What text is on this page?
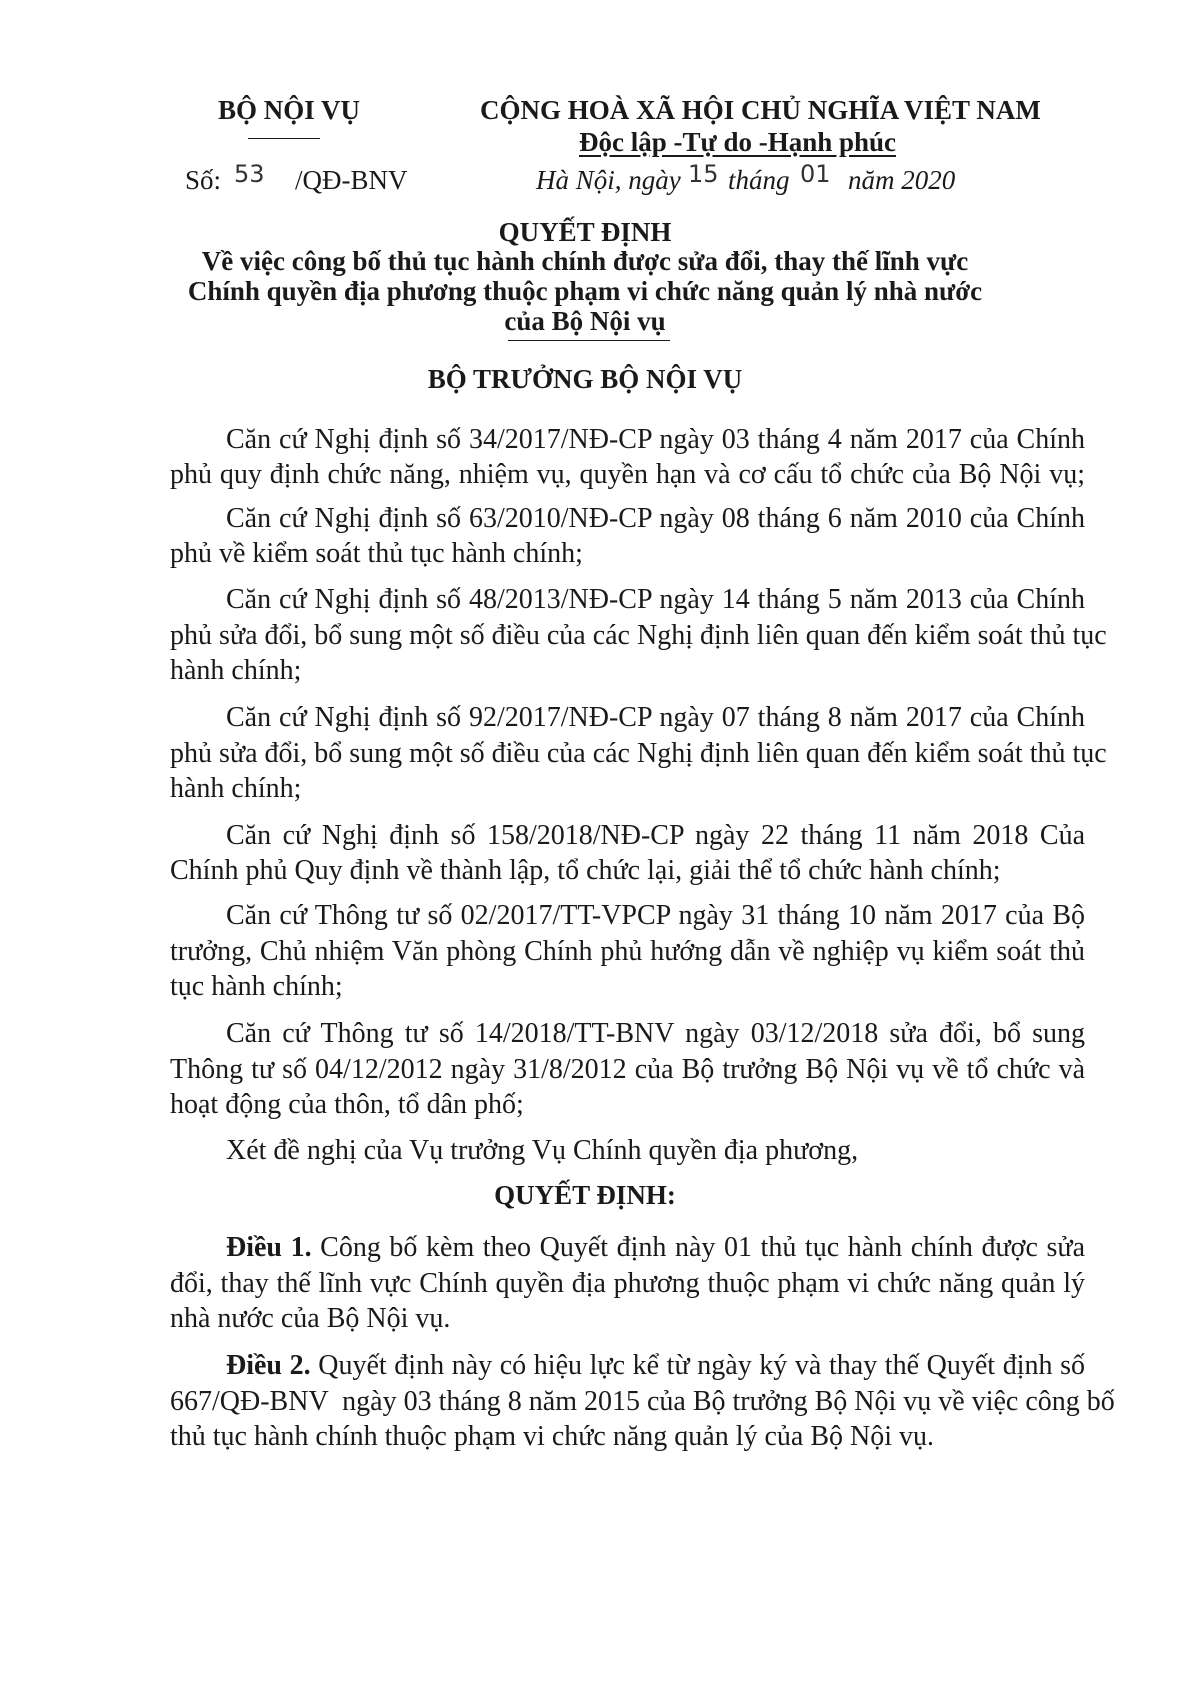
BỘ NỘI VỤ	CỘNG HOÀ XÃ HỘI CHỦ NGHĨA VIỆT NAM
Độc lập -Tự do -Hạnh phúc
Số: 53 /QĐ-BNV	Hà Nội, ngày 15 tháng 01 năm 2020
QUYẾT ĐỊNH
Về việc công bố thủ tục hành chính được sửa đổi, thay thế lĩnh vực
Chính quyền địa phương thuộc phạm vi chức năng quản lý nhà nước
của Bộ Nội vụ
BỘ TRƯỞNG BỘ NỘI VỤ
Căn cứ Nghị định số 34/2017/NĐ-CP ngày 03 tháng 4 năm 2017 của Chính
phủ quy định chức năng, nhiệm vụ, quyền hạn và cơ cấu tổ chức của Bộ Nội vụ;
Căn cứ Nghị định số 63/2010/NĐ-CP ngày 08 tháng 6 năm 2010 của Chính
phủ về kiểm soát thủ tục hành chính;
Căn cứ Nghị định số 48/2013/NĐ-CP ngày 14 tháng 5 năm 2013 của Chính
phủ sửa đổi, bổ sung một số điều của các Nghị định liên quan đến kiểm soát thủ tục
hành chính;
Căn cứ Nghị định số 92/2017/NĐ-CP ngày 07 tháng 8 năm 2017 của Chính
phủ sửa đổi, bổ sung một số điều của các Nghị định liên quan đến kiểm soát thủ tục
hành chính;
Căn cứ Nghị định số 158/2018/NĐ-CP ngày 22 tháng 11 năm 2018 Của
Chính phủ Quy định về thành lập, tổ chức lại, giải thể tổ chức hành chính;
Căn cứ Thông tư số 02/2017/TT-VPCP ngày 31 tháng 10 năm 2017 của Bộ
trưởng, Chủ nhiệm Văn phòng Chính phủ hướng dẫn về nghiệp vụ kiểm soát thủ
tục hành chính;
Căn cứ Thông tư số 14/2018/TT-BNV ngày 03/12/2018 sửa đổi, bổ sung
Thông tư số 04/12/2012 ngày 31/8/2012 của Bộ trưởng Bộ Nội vụ về tổ chức và
hoạt động của thôn, tổ dân phố;
Xét đề nghị của Vụ trưởng Vụ Chính quyền địa phương,
QUYẾT ĐỊNH:
Điều 1. Công bố kèm theo Quyết định này 01 thủ tục hành chính được sửa
đổi, thay thế lĩnh vực Chính quyền địa phương thuộc phạm vi chức năng quản lý
nhà nước của Bộ Nội vụ.
Điều 2. Quyết định này có hiệu lực kể từ ngày ký và thay thế Quyết định số
667/QĐ-BNV  ngày 03 tháng 8 năm 2015 của Bộ trưởng Bộ Nội vụ về việc công bố
thủ tục hành chính thuộc phạm vi chức năng quản lý của Bộ Nội vụ.
